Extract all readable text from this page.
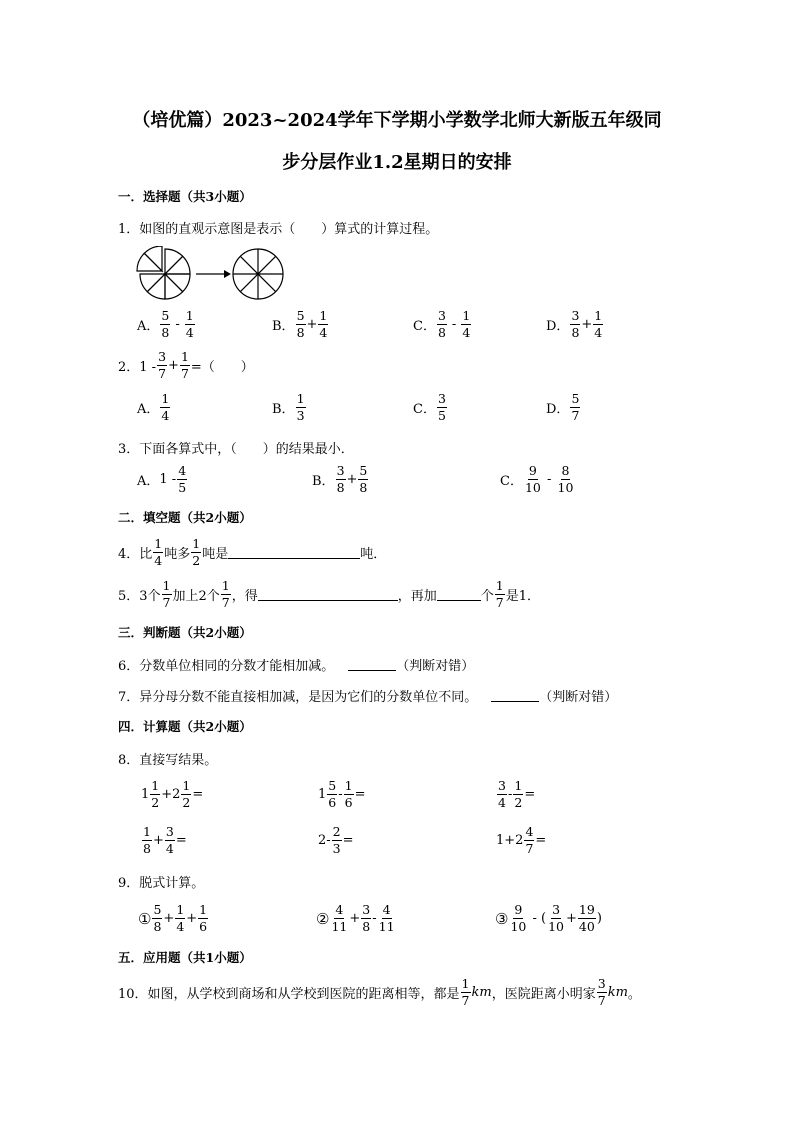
（培优篇）2023~2024学年下学期小学数学北师大新版五年级同
步分层作业1.2星期日的安排
一．选择题（共3小题）
1．如图的直观示意图是表示（　　）算式的计算过程。
A． $\frac{5}{8} - \frac{1}{4}$	B． $\frac{5}{8} + \frac{1}{4}$	C． $\frac{3}{8} - \frac{1}{4}$	D． $\frac{3}{8} + \frac{1}{4}$
2．$1 - \frac{3}{7} + \frac{1}{7}$ =（　　）
A． $\frac{1}{4}$	B． $\frac{1}{3}$	C． $\frac{3}{5}$	D． $\frac{5}{7}$
3．下面各算式中，（　　）的结果最小．
A． $1 - \frac{4}{5}$	B． $\frac{3}{8} + \frac{5}{8}$	C． $\frac{9}{10} - \frac{8}{10}$
二．填空题（共2小题）
4．比 $\frac{1}{4}$ 吨多 $\frac{1}{2}$ 吨是	吨．
5．3个 $\frac{1}{7}$ 加上2个 $\frac{1}{7}$ ，得	，再加	个 $\frac{1}{7}$ 是1．
三．判断题（共2小题）
6．分数单位相同的分数才能相加减。	（判断对错）
7．异分母分数不能直接相加减，是因为它们的分数单位不同。	（判断对错）
四．计算题（共2小题）
8．直接写结果。
$1 \frac{1}{2} +2 \frac{1}{2}$ =	$1 \frac{5}{6} - \frac{1}{6}$ =	$\frac{3}{4} - \frac{1}{2}$ =
$\frac{1}{8} + \frac{3}{4}$ =	$2- \frac{2}{3}$ =	$1+2 \frac{4}{7}$ =
9．脱式计算。
① $\frac{5}{8} + \frac{1}{4} + \frac{1}{6}$	② $\frac{4}{11} + \frac{3}{8} - \frac{4}{11}$	③ $\frac{9}{10}$ - ( $\frac{3}{10} + \frac{19}{40}$ )
五．应用题（共1小题）
10．如图，从学校到商场和从学校到医院的距离相等，都是 $\frac{1}{7}$ km ，医院距离小明家 $\frac{3}{7}$ km 。
